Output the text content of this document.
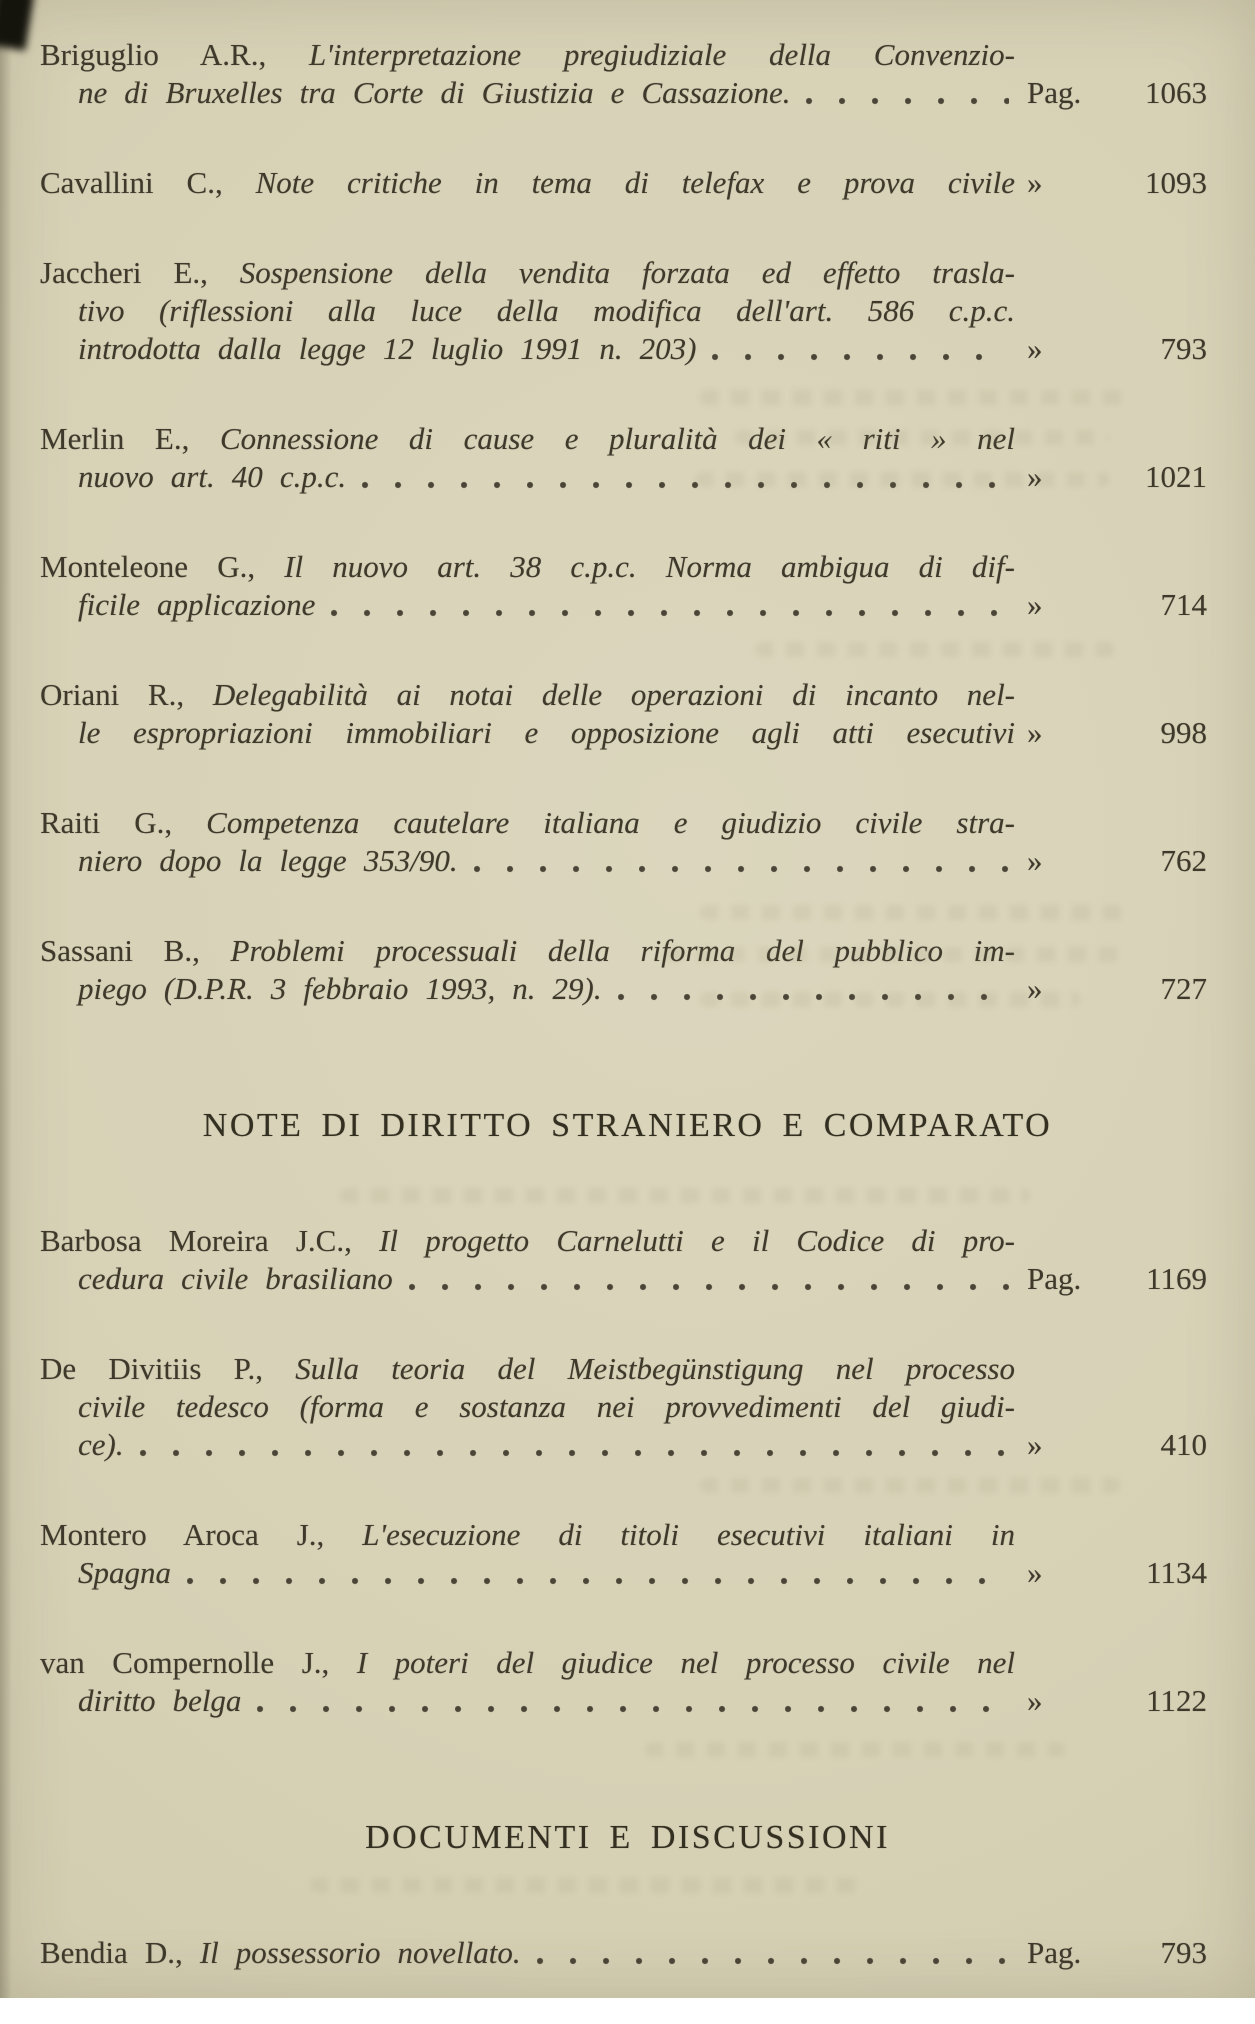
Briguglio A.R., L'interpretazione pregiudiziale della Convenzio-
ne di Bruxelles tra Corte di Giustizia e Cassazione.	Pag. 1063
Cavallini C., Note critiche in tema di telefax e prova civile »	1093
Jaccheri E., Sospensione della vendita forzata ed effetto trasla-
tivo (riflessioni alla luce della modifica dell'art. 586 c.p.c.
introdotta dalla legge 12 luglio 1991 n. 203)	»	793
Merlin E., Connessione di cause e pluralità dei « riti » nel
nuovo art. 40 c.p.c.	»	1021
Monteleone G., Il nuovo art. 38 c.p.c. Norma ambigua di dif-
ficile applicazione	»	714
Oriani R., Delegabilità ai notai delle operazioni di incanto nel-
le espropriazioni immobiliari e opposizione agli atti esecutivi »	998
Raiti G., Competenza cautelare italiana e giudizio civile stra-
niero dopo la legge 353/90.	»	762
Sassani B., Problemi processuali della riforma del pubblico im-
piego (D.P.R. 3 febbraio 1993, n. 29).	»	727
NOTE DI DIRITTO STRANIERO E COMPARATO
Barbosa Moreira J.C., Il progetto Carnelutti e il Codice di pro-
cedura civile brasiliano	Pag. 1169
De Divitiis P., Sulla teoria del Meistbegünstigung nel processo
civile tedesco (forma e sostanza nei provvedimenti del giudi-
ce).	»	410
Montero Aroca J., L'esecuzione di titoli esecutivi italiani in
Spagna	»	1134
van Compernolle J., I poteri del giudice nel processo civile nel
diritto belga	»	1122
DOCUMENTI E DISCUSSIONI
Bendia D., Il possessorio novellato.	Pag.	793
